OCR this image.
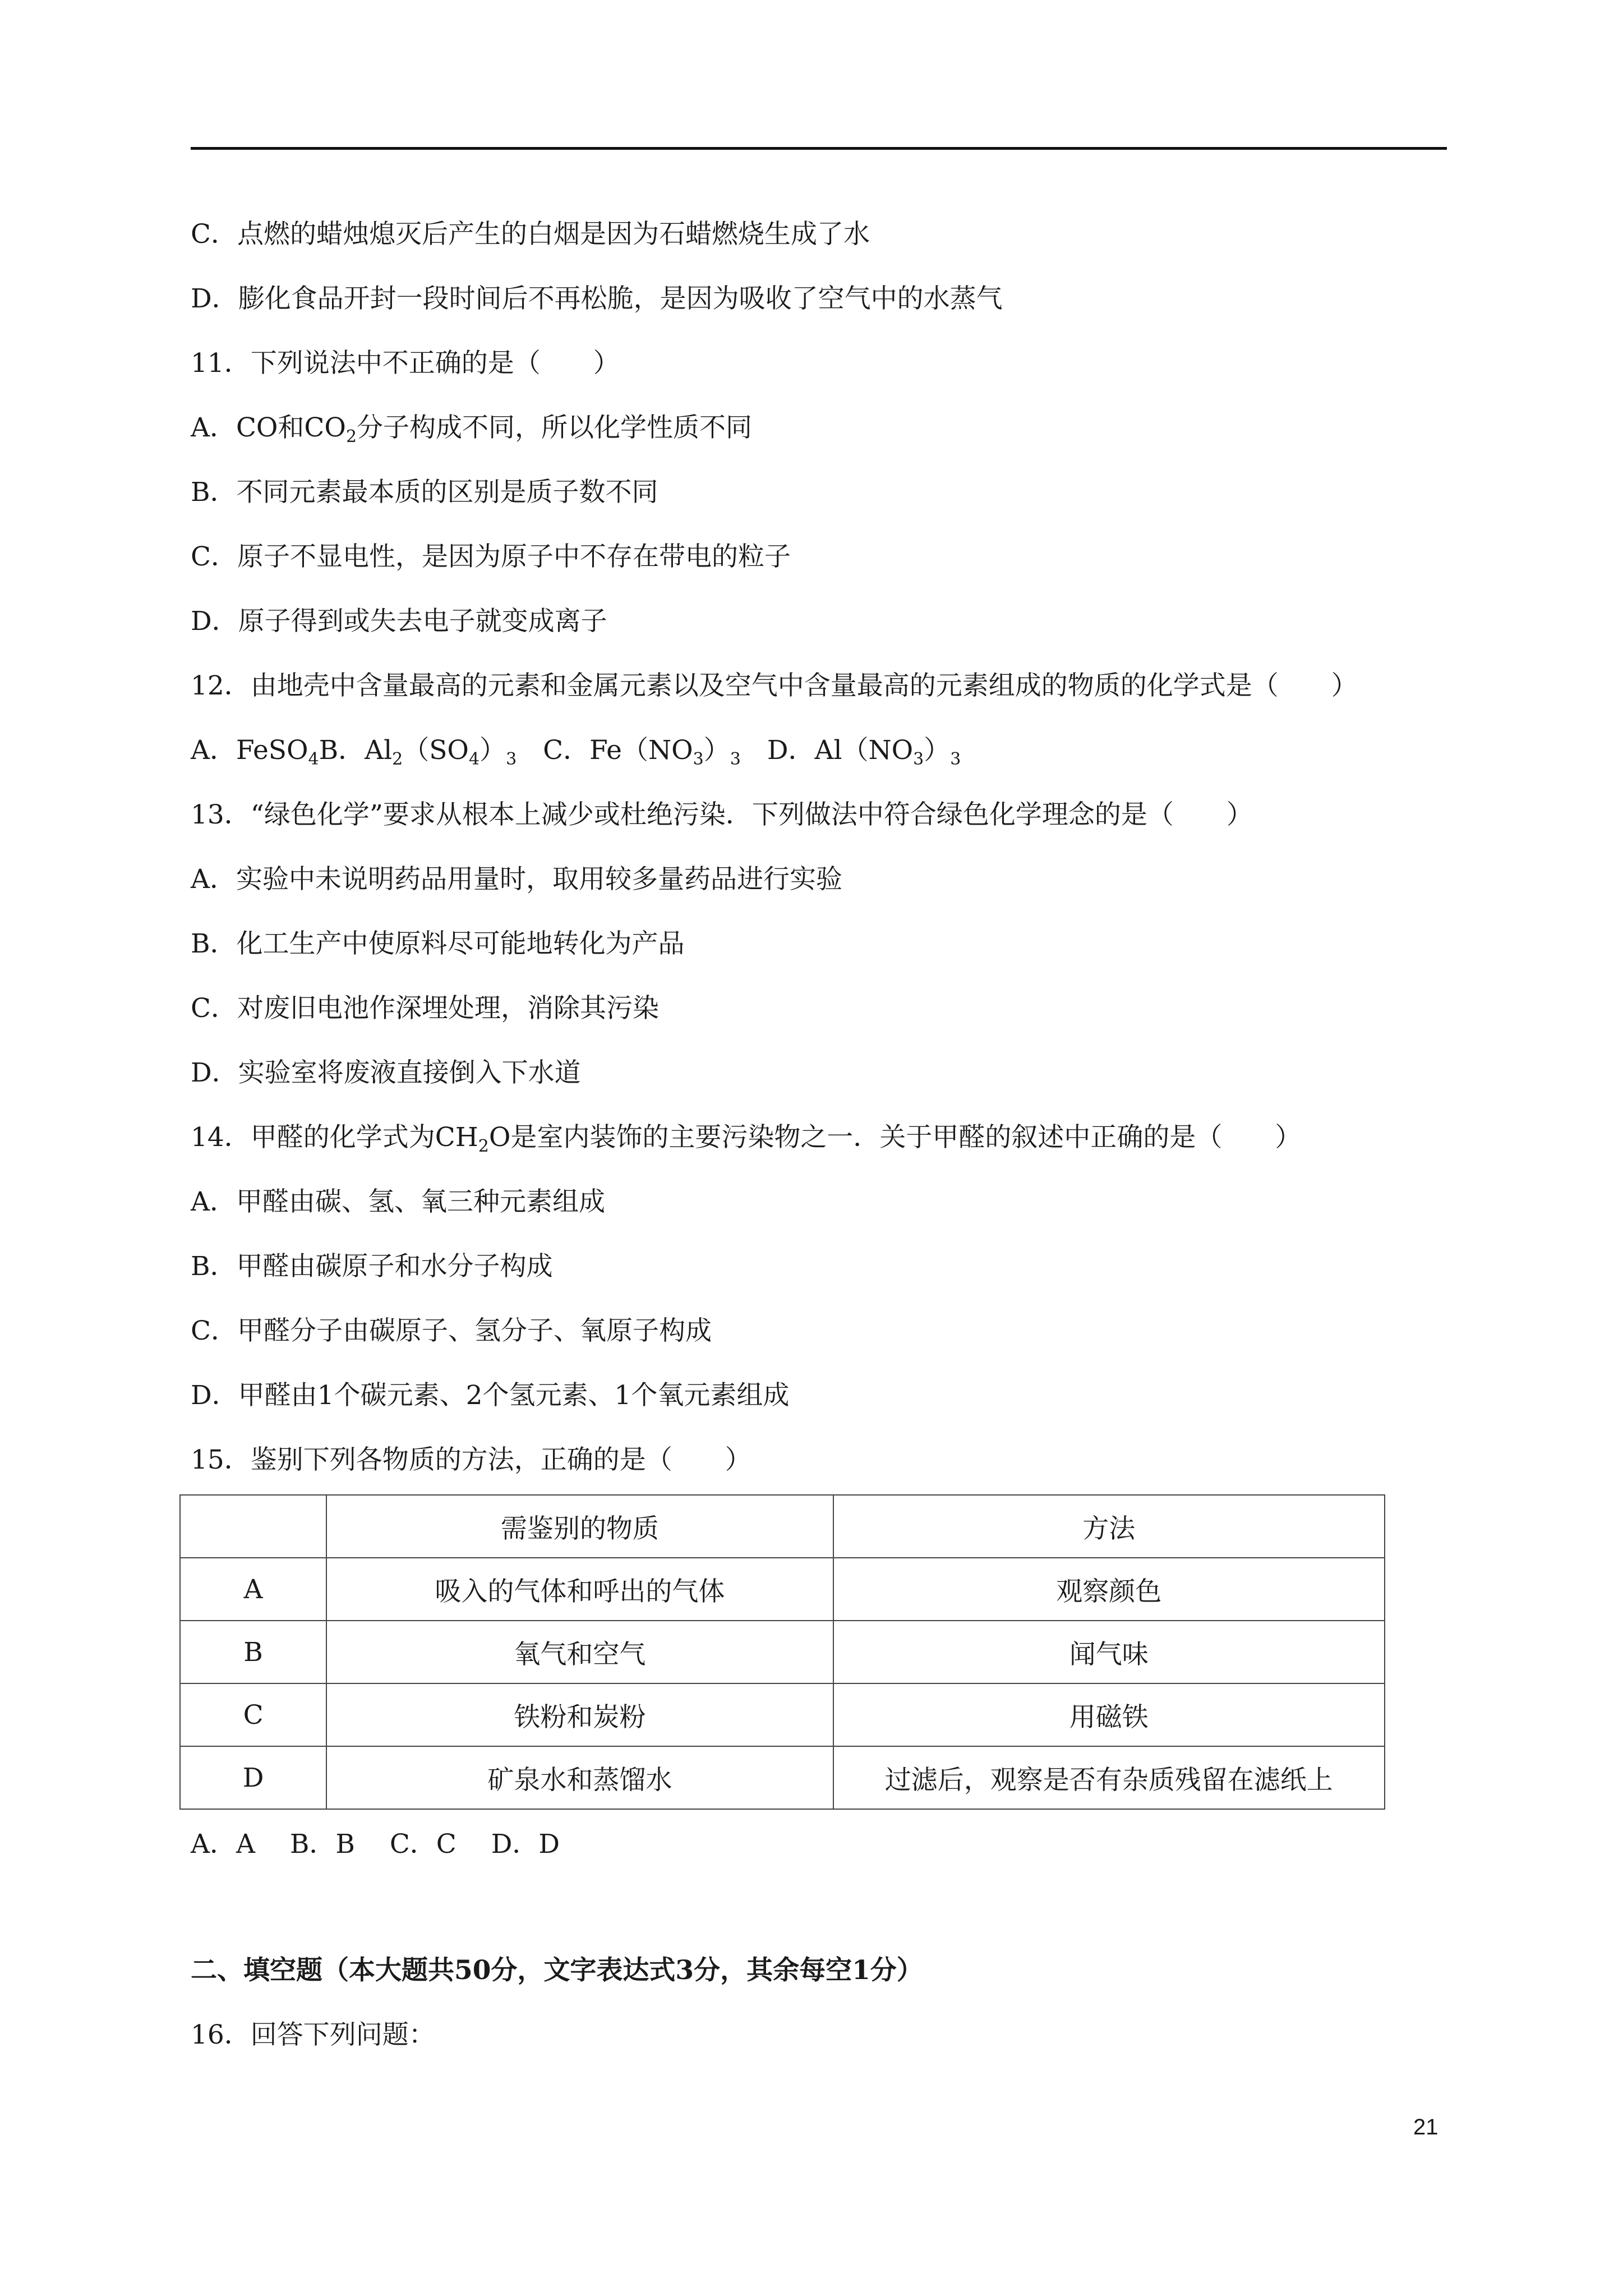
C．点燃的蜡烛熄灭后产生的白烟是因为石蜡燃烧生成了水
D．膨化食品开封一段时间后不再松脆，是因为吸收了空气中的水蒸气
11．下列说法中不正确的是（　　）
A．CO和$CO_2$分子构成不同，所以化学性质不同
B．不同元素最本质的区别是质子数不同
C．原子不显电性，是因为原子中不存在带电的粒子
D．原子得到或失去电子就变成离子
12．由地壳中含量最高的元素和金属元素以及空气中含量最高的元素组成的物质的化学式是（　　）
A．FeSO$_4$B．$Al_2(SO_4)_3$　C．$Fe(NO_3)_3$　D．$Al(NO_3)_3$
13．“绿色化学”要求从根本上减少或杜绝污染．下列做法中符合绿色化学理念的是（　　）
A．实验中未说明药品用量时，取用较多量药品进行实验
B．化工生产中使原料尽可能地转化为产品
C．对废旧电池作深埋处理，消除其污染
D．实验室将废液直接倒入下水道
14．甲醛的化学式为$CH_2O$是室内装饰的主要污染物之一．关于甲醛的叙述中正确的是（　　）
A．甲醛由碳、氢、氧三种元素组成
B．甲醛由碳原子和水分子构成
C．甲醛分子由碳原子、氢分子、氧原子构成
D．甲醛由1个碳元素、2个氢元素、1个氧元素组成
15．鉴别下列各物质的方法，正确的是（　　）
	需鉴别的物质	方法
A	吸入的气体和呼出的气体	观察颜色
B	氧气和空气	闻气味
C	铁粉和炭粉	用磁铁
D	矿泉水和蒸馏水	过滤后，观察是否有杂质残留在滤纸上
A．A　 B．B　 C．C　 D．D
二、填空题（本大题共50分，文字表达式3分，其余每空1分）
16．回答下列问题：
21
